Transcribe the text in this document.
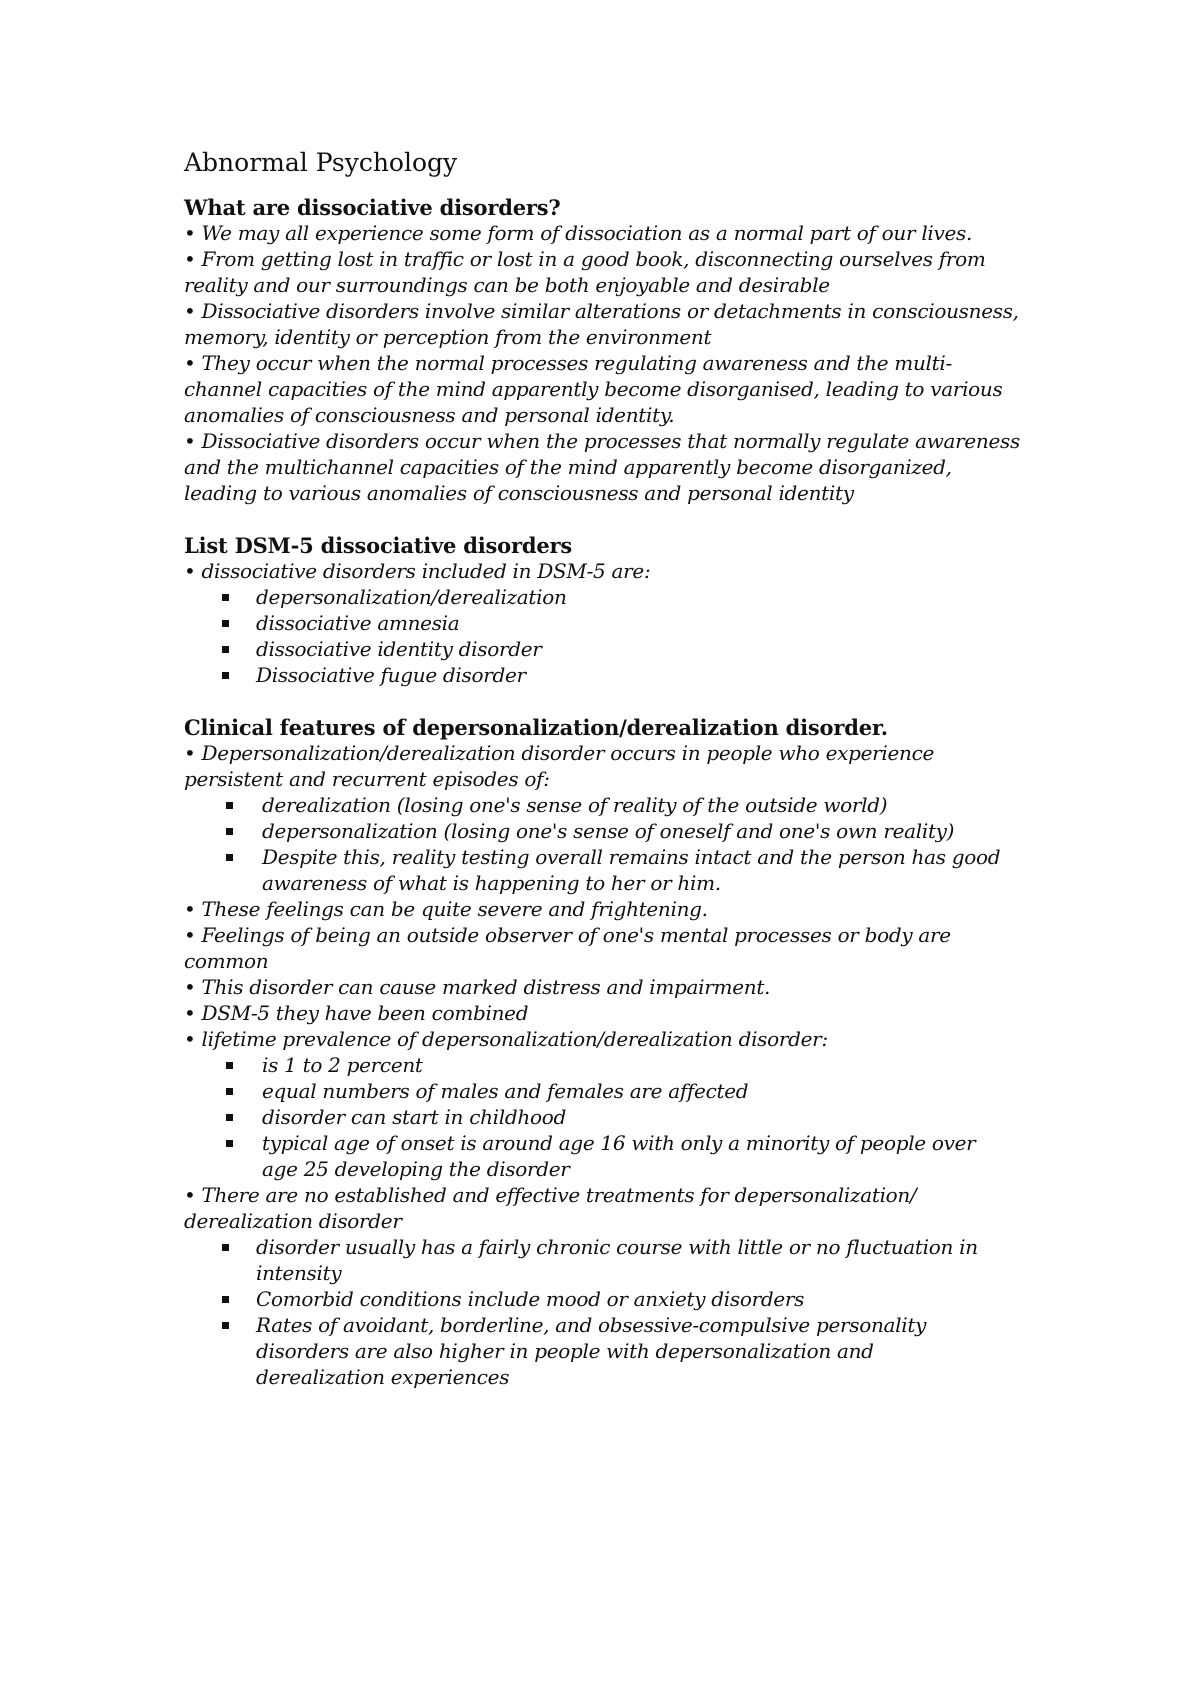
Abnormal Psychology
What are dissociative disorders?
• We may all experience some form of dissociation as a normal part of our lives.
• From getting lost in traffic or lost in a good book, disconnecting ourselves from
reality and our surroundings can be both enjoyable and desirable
• Dissociative disorders involve similar alterations or detachments in consciousness,
memory, identity or perception from the environment
• They occur when the normal processes regulating awareness and the multi-
channel capacities of the mind apparently become disorganised, leading to various
anomalies of consciousness and personal identity.
• Dissociative disorders occur when the processes that normally regulate awareness
and the multichannel capacities of the mind apparently become disorganized,
leading to various anomalies of consciousness and personal identity
List DSM-5 dissociative disorders
• dissociative disorders included in DSM-5 are:
depersonalization/derealization
dissociative amnesia
dissociative identity disorder
Dissociative fugue disorder
Clinical features of depersonalization/derealization disorder.
• Depersonalization/derealization disorder occurs in people who experience
persistent and recurrent episodes of:
derealization (losing one's sense of reality of the outside world)
depersonalization (losing one's sense of oneself and one's own reality)
Despite this, reality testing overall remains intact and the person has good
awareness of what is happening to her or him.
• These feelings can be quite severe and frightening.
• Feelings of being an outside observer of one's mental processes or body are
common
• This disorder can cause marked distress and impairment.
• DSM-5 they have been combined
• lifetime prevalence of depersonalization/derealization disorder:
is 1 to 2 percent
equal numbers of males and females are affected
disorder can start in childhood
typical age of onset is around age 16 with only a minority of people over
age 25 developing the disorder
• There are no established and effective treatments for depersonalization/
derealization disorder
disorder usually has a fairly chronic course with little or no fluctuation in
intensity
Comorbid conditions include mood or anxiety disorders
Rates of avoidant, borderline, and obsessive-compulsive personality
disorders are also higher in people with depersonalization and
derealization experiences
